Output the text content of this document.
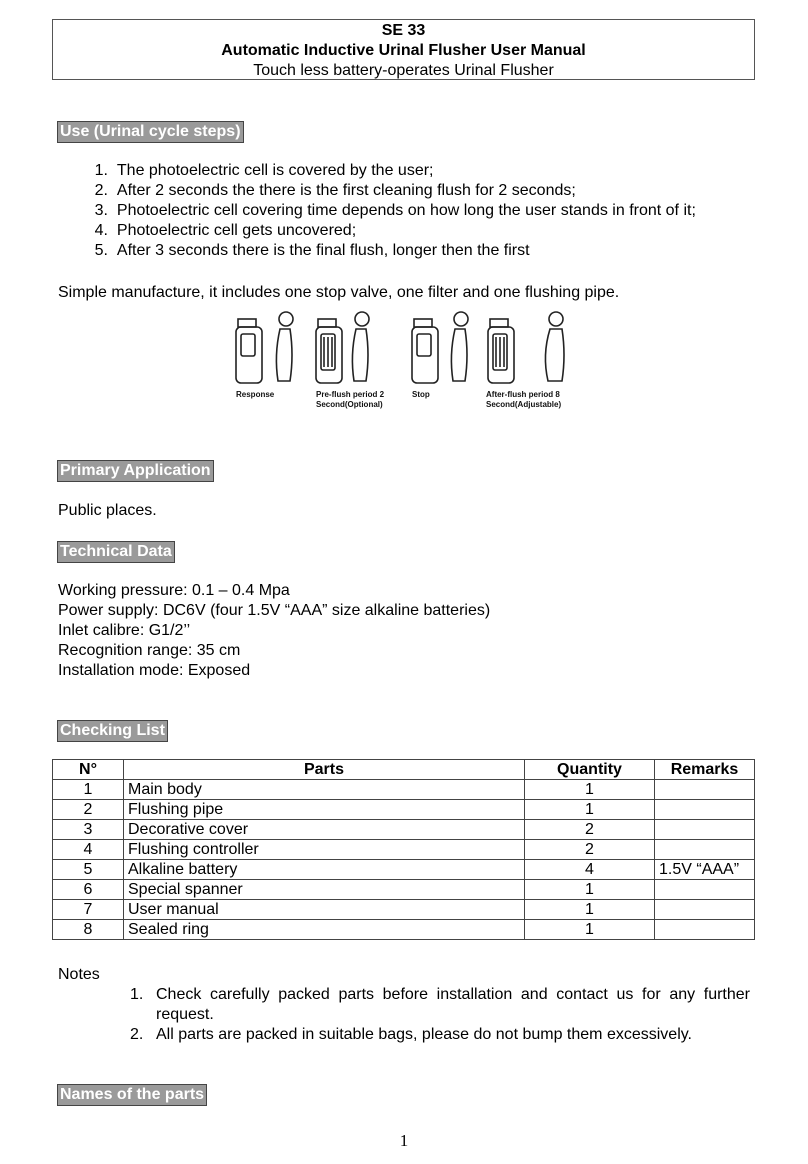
SE 33
Automatic Inductive Urinal Flusher User Manual
Touch less battery-operates Urinal Flusher
Use (Urinal cycle steps)
1. The photoelectric cell is covered by the user;
2. After 2 seconds the there is the first cleaning flush for 2 seconds;
3. Photoelectric cell covering time depends on how long the user stands in front of it;
4. Photoelectric cell gets uncovered;
5. After 3 seconds there is the final flush, longer then the first
Simple manufacture, it includes one stop valve, one filter and one flushing pipe.
Response	Pre-flush period 2
Second(Optional)
Stop	After-flush period 8
Second(Adjustable)
Primary Application
Public places.
Technical Data
Working pressure: 0.1 – 0.4 Mpa
Power supply: DC6V (four 1.5V “AAA” size alkaline batteries)
Inlet calibre: G1/2’’
Recognition range: 35 cm
Installation mode: Exposed
Checking List
N°	Parts	Quantity	Remarks
1	Main body	1	
2	Flushing pipe	1	
3	Decorative cover	2	
4	Flushing controller	2	
5	Alkaline battery	4	1.5V “AAA”
6	Special spanner	1	
7	User manual	1	
8	Sealed ring	1	
Notes
1. Check carefully packed parts before installation and contact us for any further request.
2. All parts are packed in suitable bags, please do not bump them excessively.
Names of the parts
1
